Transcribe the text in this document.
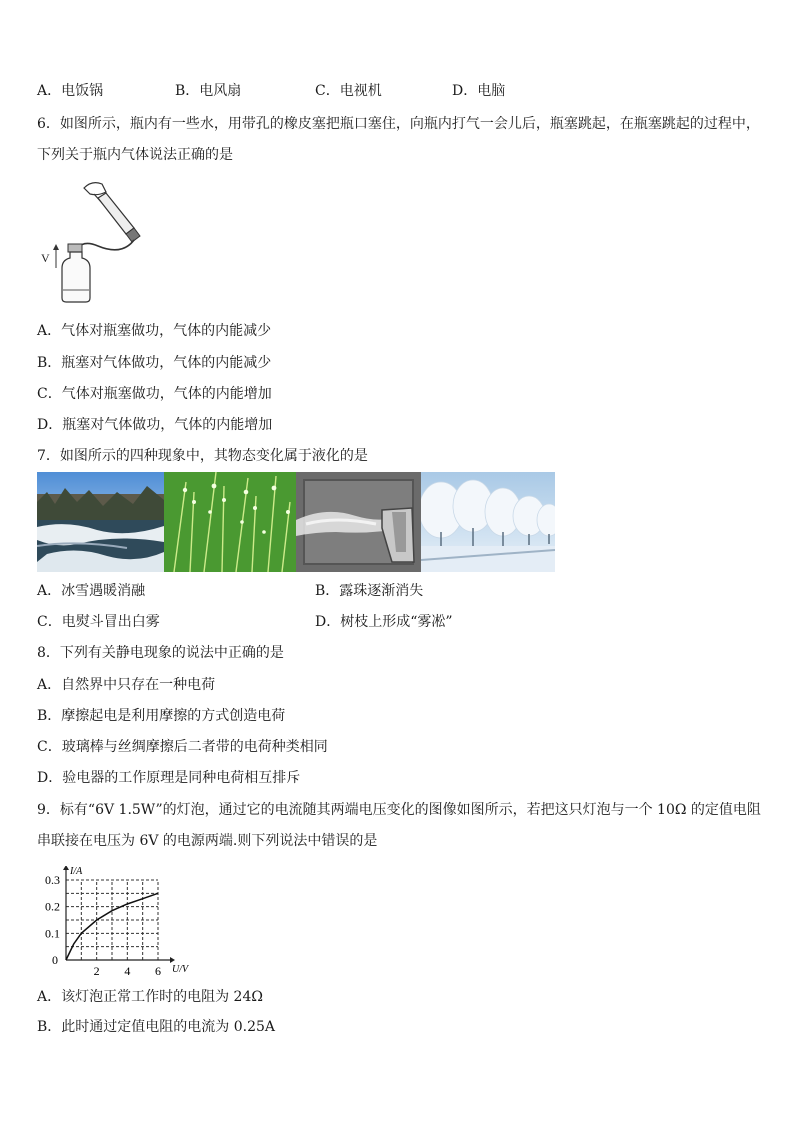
A．电饭锅	B．电风扇	C．电视机	D．电脑
6．如图所示，瓶内有一些水，用带孔的橡皮塞把瓶口塞住，向瓶内打气一会儿后，瓶塞跳起，在瓶塞跳起的过程中，
下列关于瓶内气体说法正确的是
V
A．气体对瓶塞做功，气体的内能减少
B．瓶塞对气体做功，气体的内能减少
C．气体对瓶塞做功，气体的内能增加
D．瓶塞对气体做功，气体的内能增加
7．如图所示的四种现象中，其物态变化属于液化的是
A．冰雪遇暖消融	B．露珠逐渐消失
C．电熨斗冒出白雾	D．树枝上形成“雾凇”
8．下列有关静电现象的说法中正确的是
A．自然界中只存在一种电荷
B．摩擦起电是利用摩擦的方式创造电荷
C．玻璃棒与丝绸摩擦后二者带的电荷种类相同
D．验电器的工作原理是同种电荷相互排斥
9．标有“6V 1.5W”的灯泡，通过它的电流随其两端电压变化的图像如图所示，若把这只灯泡与一个 10Ω 的定值电阻
串联接在电压为 6V 的电源两端.则下列说法中错误的是
0.3
0.2
0.1
2 4 6
0
I/A
U/V
A．该灯泡正常工作时的电阻为 24Ω
B．此时通过定值电阻的电流为 0.25A
